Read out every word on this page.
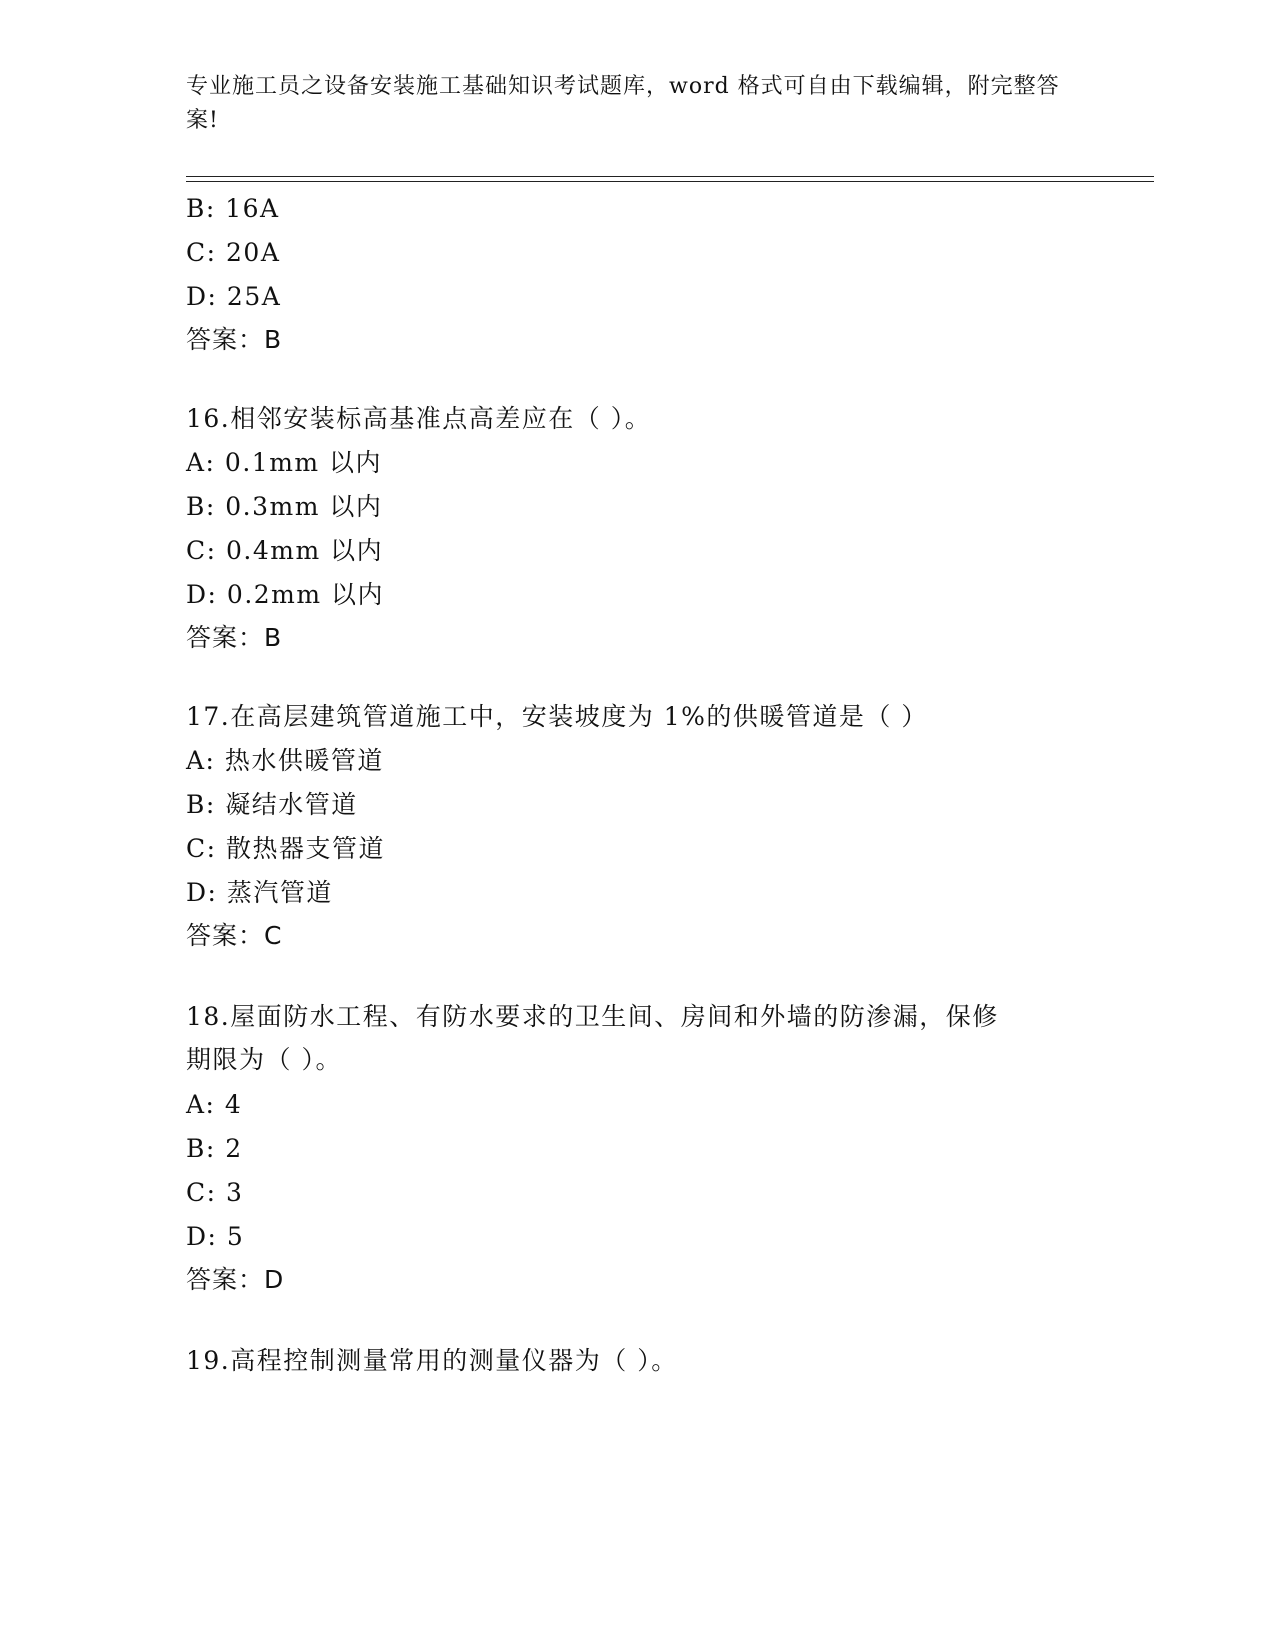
专业施工员之设备安装施工基础知识考试题库，word 格式可自由下载编辑，附完整答案!
B: 16A
C: 20A
D: 25A
答案：B
16.相邻安装标高基准点高差应在（ ）。
A: 0.1mm 以内
B: 0.3mm 以内
C: 0.4mm 以内
D: 0.2mm 以内
答案：B
17.在高层建筑管道施工中，安装坡度为 1%的供暖管道是（ ）
A: 热水供暖管道
B: 凝结水管道
C: 散热器支管道
D: 蒸汽管道
答案：C
18.屋面防水工程、有防水要求的卫生间、房间和外墙的防渗漏，保修
期限为（ ）。
A: 4
B: 2
C: 3
D: 5
答案：D
19.高程控制测量常用的测量仪器为（ ）。
